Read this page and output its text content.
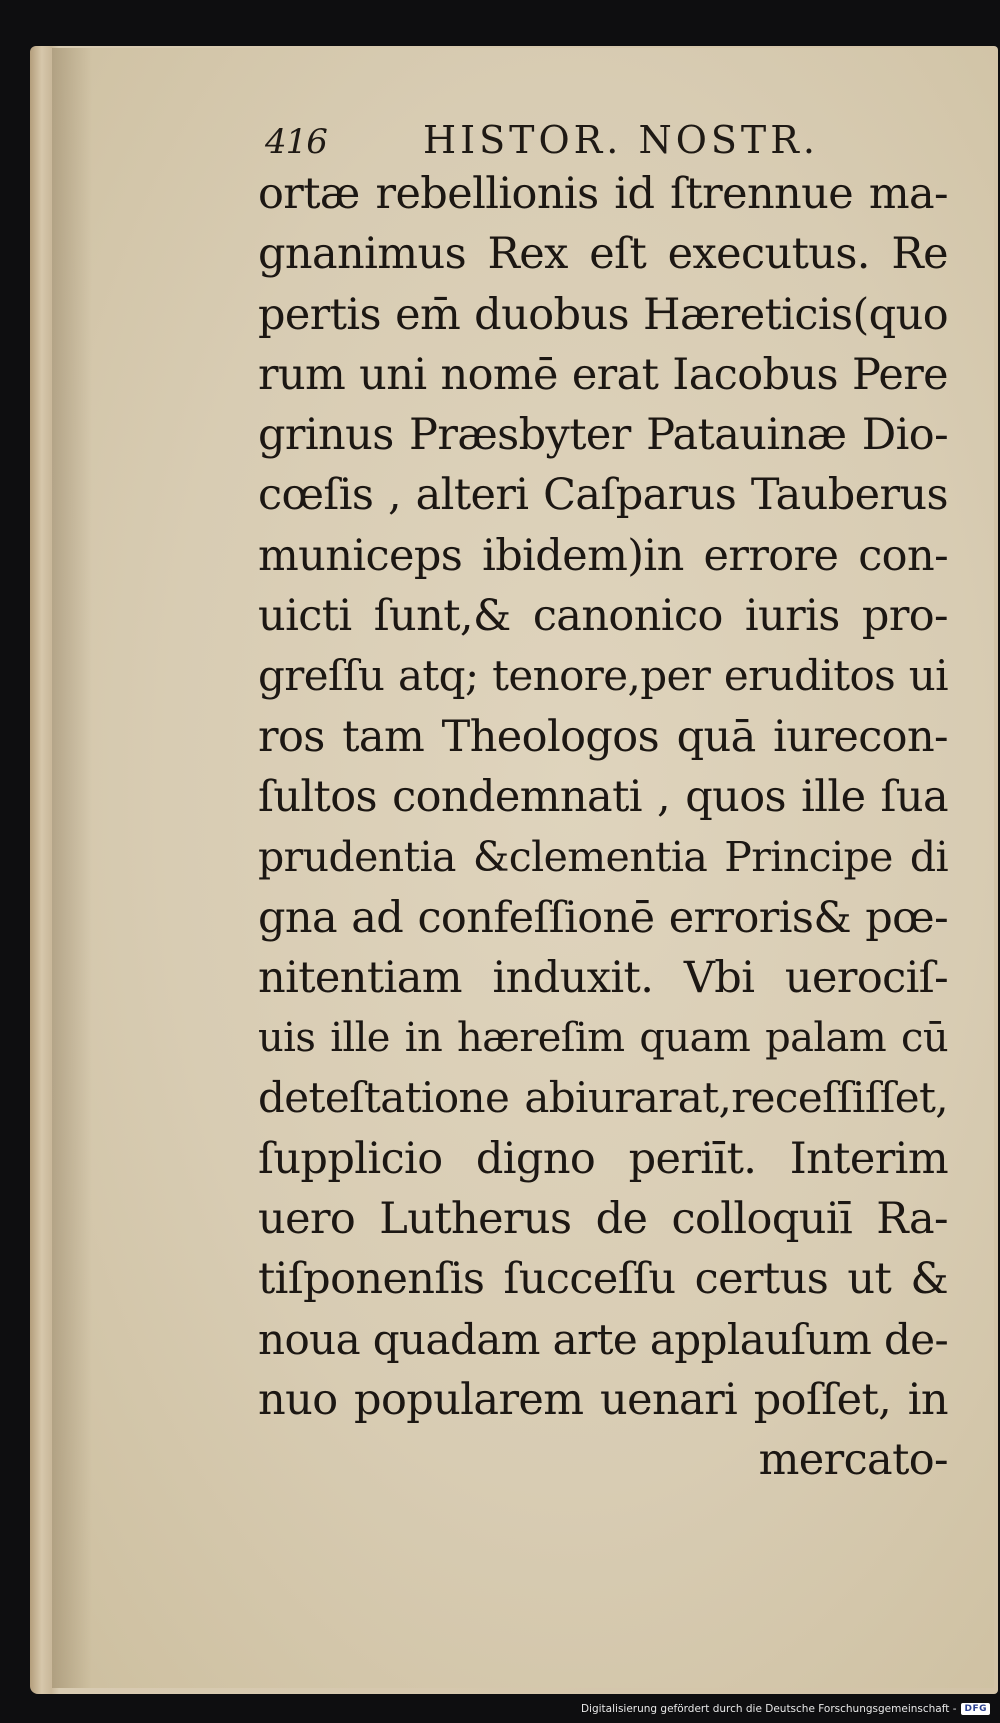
416	HISTOR. NOSTR.
ortæ rebellionis id ſtrennue ma-
gnanimus Rex eſt executus. Re
pertis em̄ duobus Hæreticis(quo
rum uni nomē erat Iacobus Pere
grinus Præsbyter Patauinæ Dio-
cœſis , alteri Caſparus Tauberus
municeps ibidem)in errore con-
uicti ſunt,& canonico iuris pro-
greſſu atq; tenore,per eruditos ui
ros tam Theologos quā iurecon-
ſultos condemnati , quos ille ſua
prudentia &clementia Principe di
gna ad confeſſionē erroris& pœ-
nitentiam induxit. Vbi uerociſ-
uis ille in hæreſim quam palam cū
deteſtatione abiurarat,receſſiſſet,
ſupplicio digno periīt. Interim
uero Lutherus de colloquiī Ra-
tiſponenſis ſucceſſu certus ut &
noua quadam arte applauſum de-
nuo popularem uenari poſſet, in
mercato-
Digitalisierung gefördert durch die Deutsche Forschungsgemeinschaft - DFG
